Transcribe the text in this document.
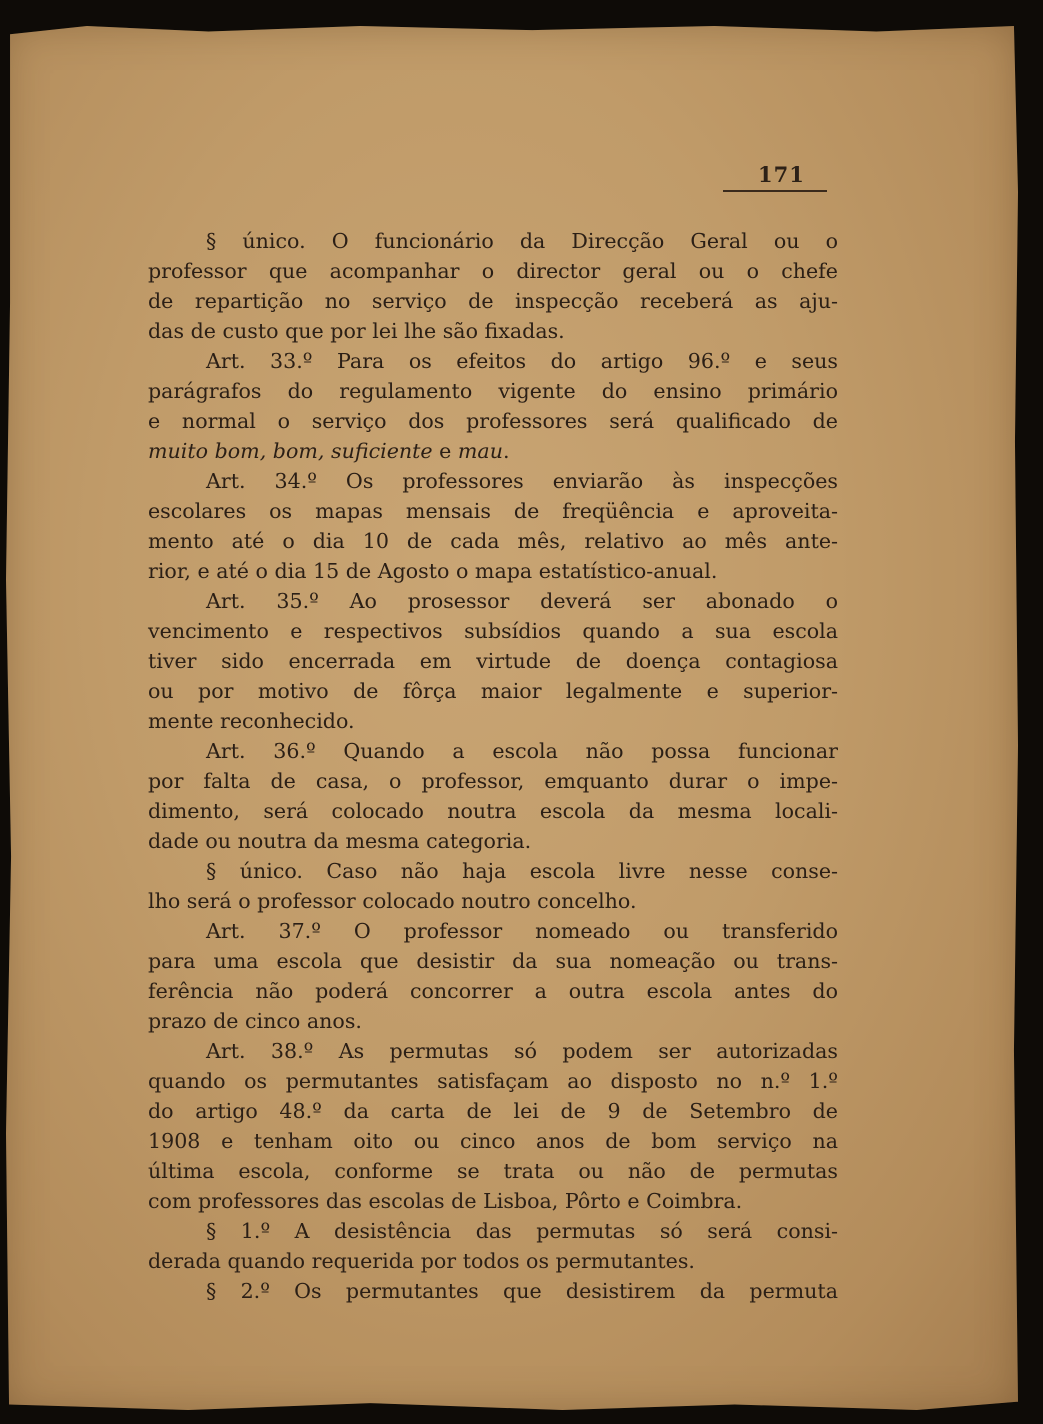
171
§ único. O funcionário da Direcção Geral ou o
professor que acompanhar o director geral ou o chefe
de repartição no serviço de inspecção receberá as aju-
das de custo que por lei lhe são fixadas.
Art. 33.º Para os efeitos do artigo 96.º e seus
parágrafos do regulamento vigente do ensino primário
e normal o serviço dos professores será qualificado de
muito bom, bom, suficiente e mau.
Art. 34.º Os professores enviarão às inspecções
escolares os mapas mensais de freqüência e aproveita-
mento até o dia 10 de cada mês, relativo ao mês ante-
rior, e até o dia 15 de Agosto o mapa estatístico-anual.
Art. 35.º Ao prosessor deverá ser abonado o
vencimento e respectivos subsídios quando a sua escola
tiver sido encerrada em virtude de doença contagiosa
ou por motivo de fôrça maior legalmente e superior-
mente reconhecido.
Art. 36.º Quando a escola não possa funcionar
por falta de casa, o professor, emquanto durar o impe-
dimento, será colocado noutra escola da mesma locali-
dade ou noutra da mesma categoria.
§ único. Caso não haja escola livre nesse conse-
lho será o professor colocado noutro concelho.
Art. 37.º O professor nomeado ou transferido
para uma escola que desistir da sua nomeação ou trans-
ferência não poderá concorrer a outra escola antes do
prazo de cinco anos.
Art. 38.º As permutas só podem ser autorizadas
quando os permutantes satisfaçam ao disposto no n.º 1.º
do artigo 48.º da carta de lei de 9 de Setembro de
1908 e tenham oito ou cinco anos de bom serviço na
última escola, conforme se trata ou não de permutas
com professores das escolas de Lisboa, Pôrto e Coimbra.
§ 1.º A desistência das permutas só será consi-
derada quando requerida por todos os permutantes.
§ 2.º Os permutantes que desistirem da permuta
